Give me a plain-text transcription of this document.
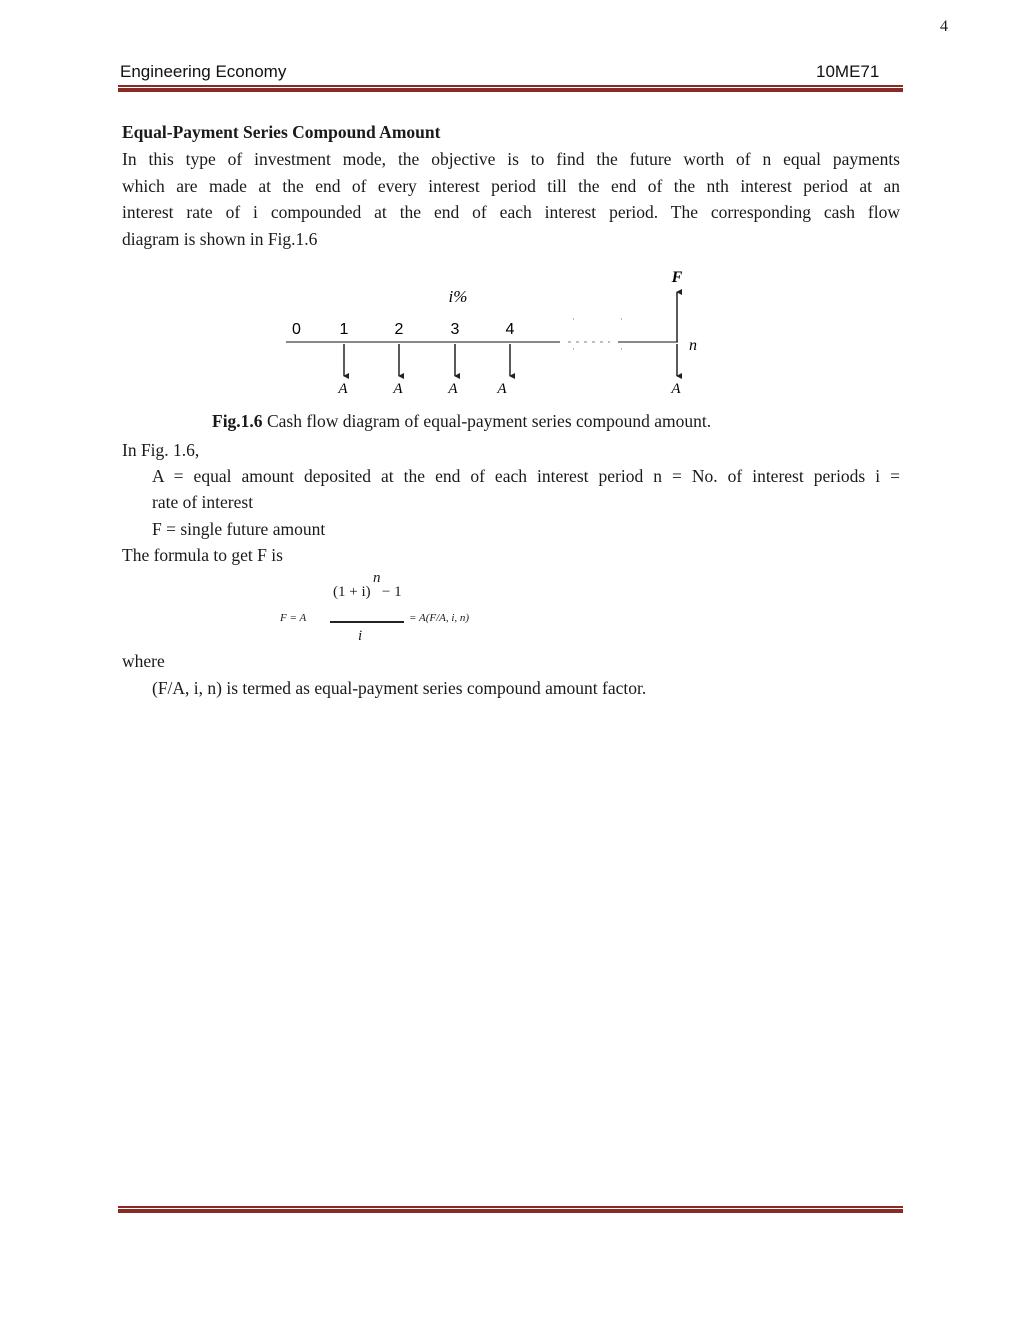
4
Engineering Economy	10ME71
Equal-Payment Series Compound Amount
In this type of investment mode, the objective is to find the future worth of n equal payments
which are made at the end of every interest period till the end of the nth interest period at an
interest rate of i compounded at the end of each interest period. The corresponding cash flow
diagram is shown in Fig.1.6
·	·
·	·
0 1	2	3	4
i%
n
F
A	A	A	A	A
Fig.1.6 Cash flow diagram of equal-payment series compound amount.
In Fig. 1.6,
A = equal amount deposited at the end of each interest period n = No. of interest periods i =
rate of interest
F = single future amount
The formula to get F is
n
(1 + i)   − 1
F = A	= A(F/A, i, n)
i
where
(F/A, i, n) is termed as equal-payment series compound amount factor.
